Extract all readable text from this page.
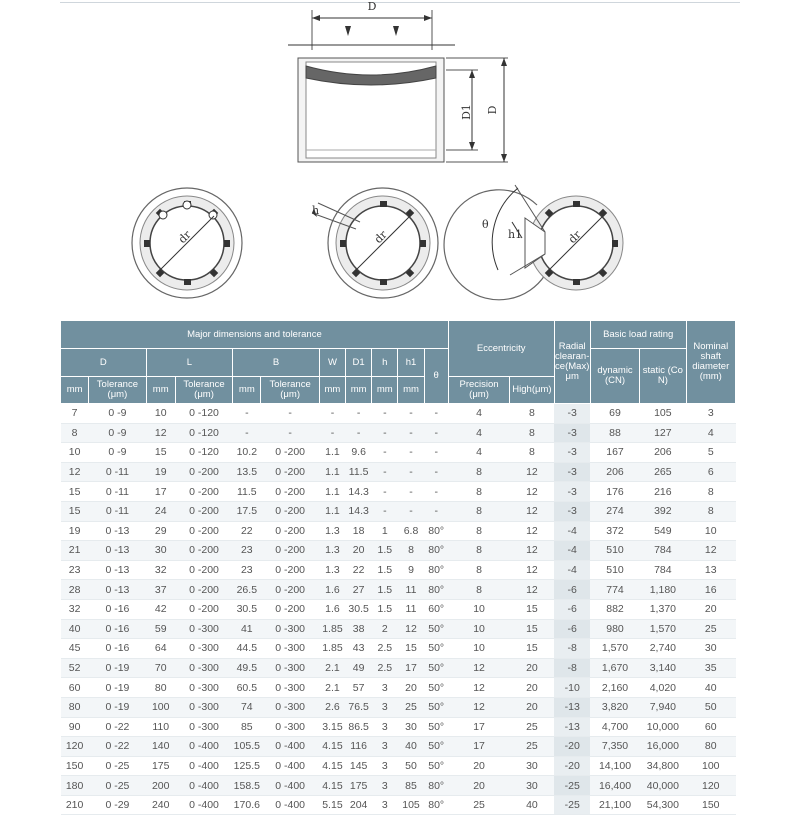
D
D1 D
dr
h
dr
θ
h1	dr
Major dimensions and tolerance											Eccentricity		Radial clearan-ce(Max) μm	Basic load rating		Nominal shaft diameter (mm)
D		L		B		W	D1	h	h1	θ				dynamic (CN)	static (Co N)	
mm	Tolerance (μm)	mm	Tolerance (μm)	mm	Tolerance (μm)	mm	mm	mm	mm		Precision (μm)	High(μm)				
7	0 -9	10	0 -120	-	-	-	-	-	-	-	4	8	-3	69	105	3
8	0 -9	12	0 -120	-	-	-	-	-	-	-	4	8	-3	88	127	4
10	0 -9	15	0 -120	10.2	0 -200	1.1	9.6	-	-	-	4	8	-3	167	206	5
12	0 -11	19	0 -200	13.5	0 -200	1.1	11.5	-	-	-	8	12	-3	206	265	6
15	0 -11	17	0 -200	11.5	0 -200	1.1	14.3	-	-	-	8	12	-3	176	216	8
15	0 -11	24	0 -200	17.5	0 -200	1.1	14.3	-	-	-	8	12	-3	274	392	8
19	0 -13	29	0 -200	22	0 -200	1.3	18	1	6.8	80°	8	12	-4	372	549	10
21	0 -13	30	0 -200	23	0 -200	1.3	20	1.5	8	80°	8	12	-4	510	784	12
23	0 -13	32	0 -200	23	0 -200	1.3	22	1.5	9	80°	8	12	-4	510	784	13
28	0 -13	37	0 -200	26.5	0 -200	1.6	27	1.5	11	80°	8	12	-6	774	1,180	16
32	0 -16	42	0 -200	30.5	0 -200	1.6	30.5	1.5	11	60°	10	15	-6	882	1,370	20
40	0 -16	59	0 -300	41	0 -300	1.85	38	2	12	50°	10	15	-6	980	1,570	25
45	0 -16	64	0 -300	44.5	0 -300	1.85	43	2.5	15	50°	10	15	-8	1,570	2,740	30
52	0 -19	70	0 -300	49.5	0 -300	2.1	49	2.5	17	50°	12	20	-8	1,670	3,140	35
60	0 -19	80	0 -300	60.5	0 -300	2.1	57	3	20	50°	12	20	-10	2,160	4,020	40
80	0 -19	100	0 -300	74	0 -300	2.6	76.5	3	25	50°	12	20	-13	3,820	7,940	50
90	0 -22	110	0 -300	85	0 -300	3.15	86.5	3	30	50°	17	25	-13	4,700	10,000	60
120	0 -22	140	0 -400	105.5	0 -400	4.15	116	3	40	50°	17	25	-20	7,350	16,000	80
150	0 -25	175	0 -400	125.5	0 -400	4.15	145	3	50	50°	20	30	-20	14,100	34,800	100
180	0 -25	200	0 -400	158.5	0 -400	4.15	175	3	85	80°	20	30	-25	16,400	40,000	120
210	0 -29	240	0 -400	170.6	0 -400	5.15	204	3	105	80°	25	40	-25	21,100	54,300	150
